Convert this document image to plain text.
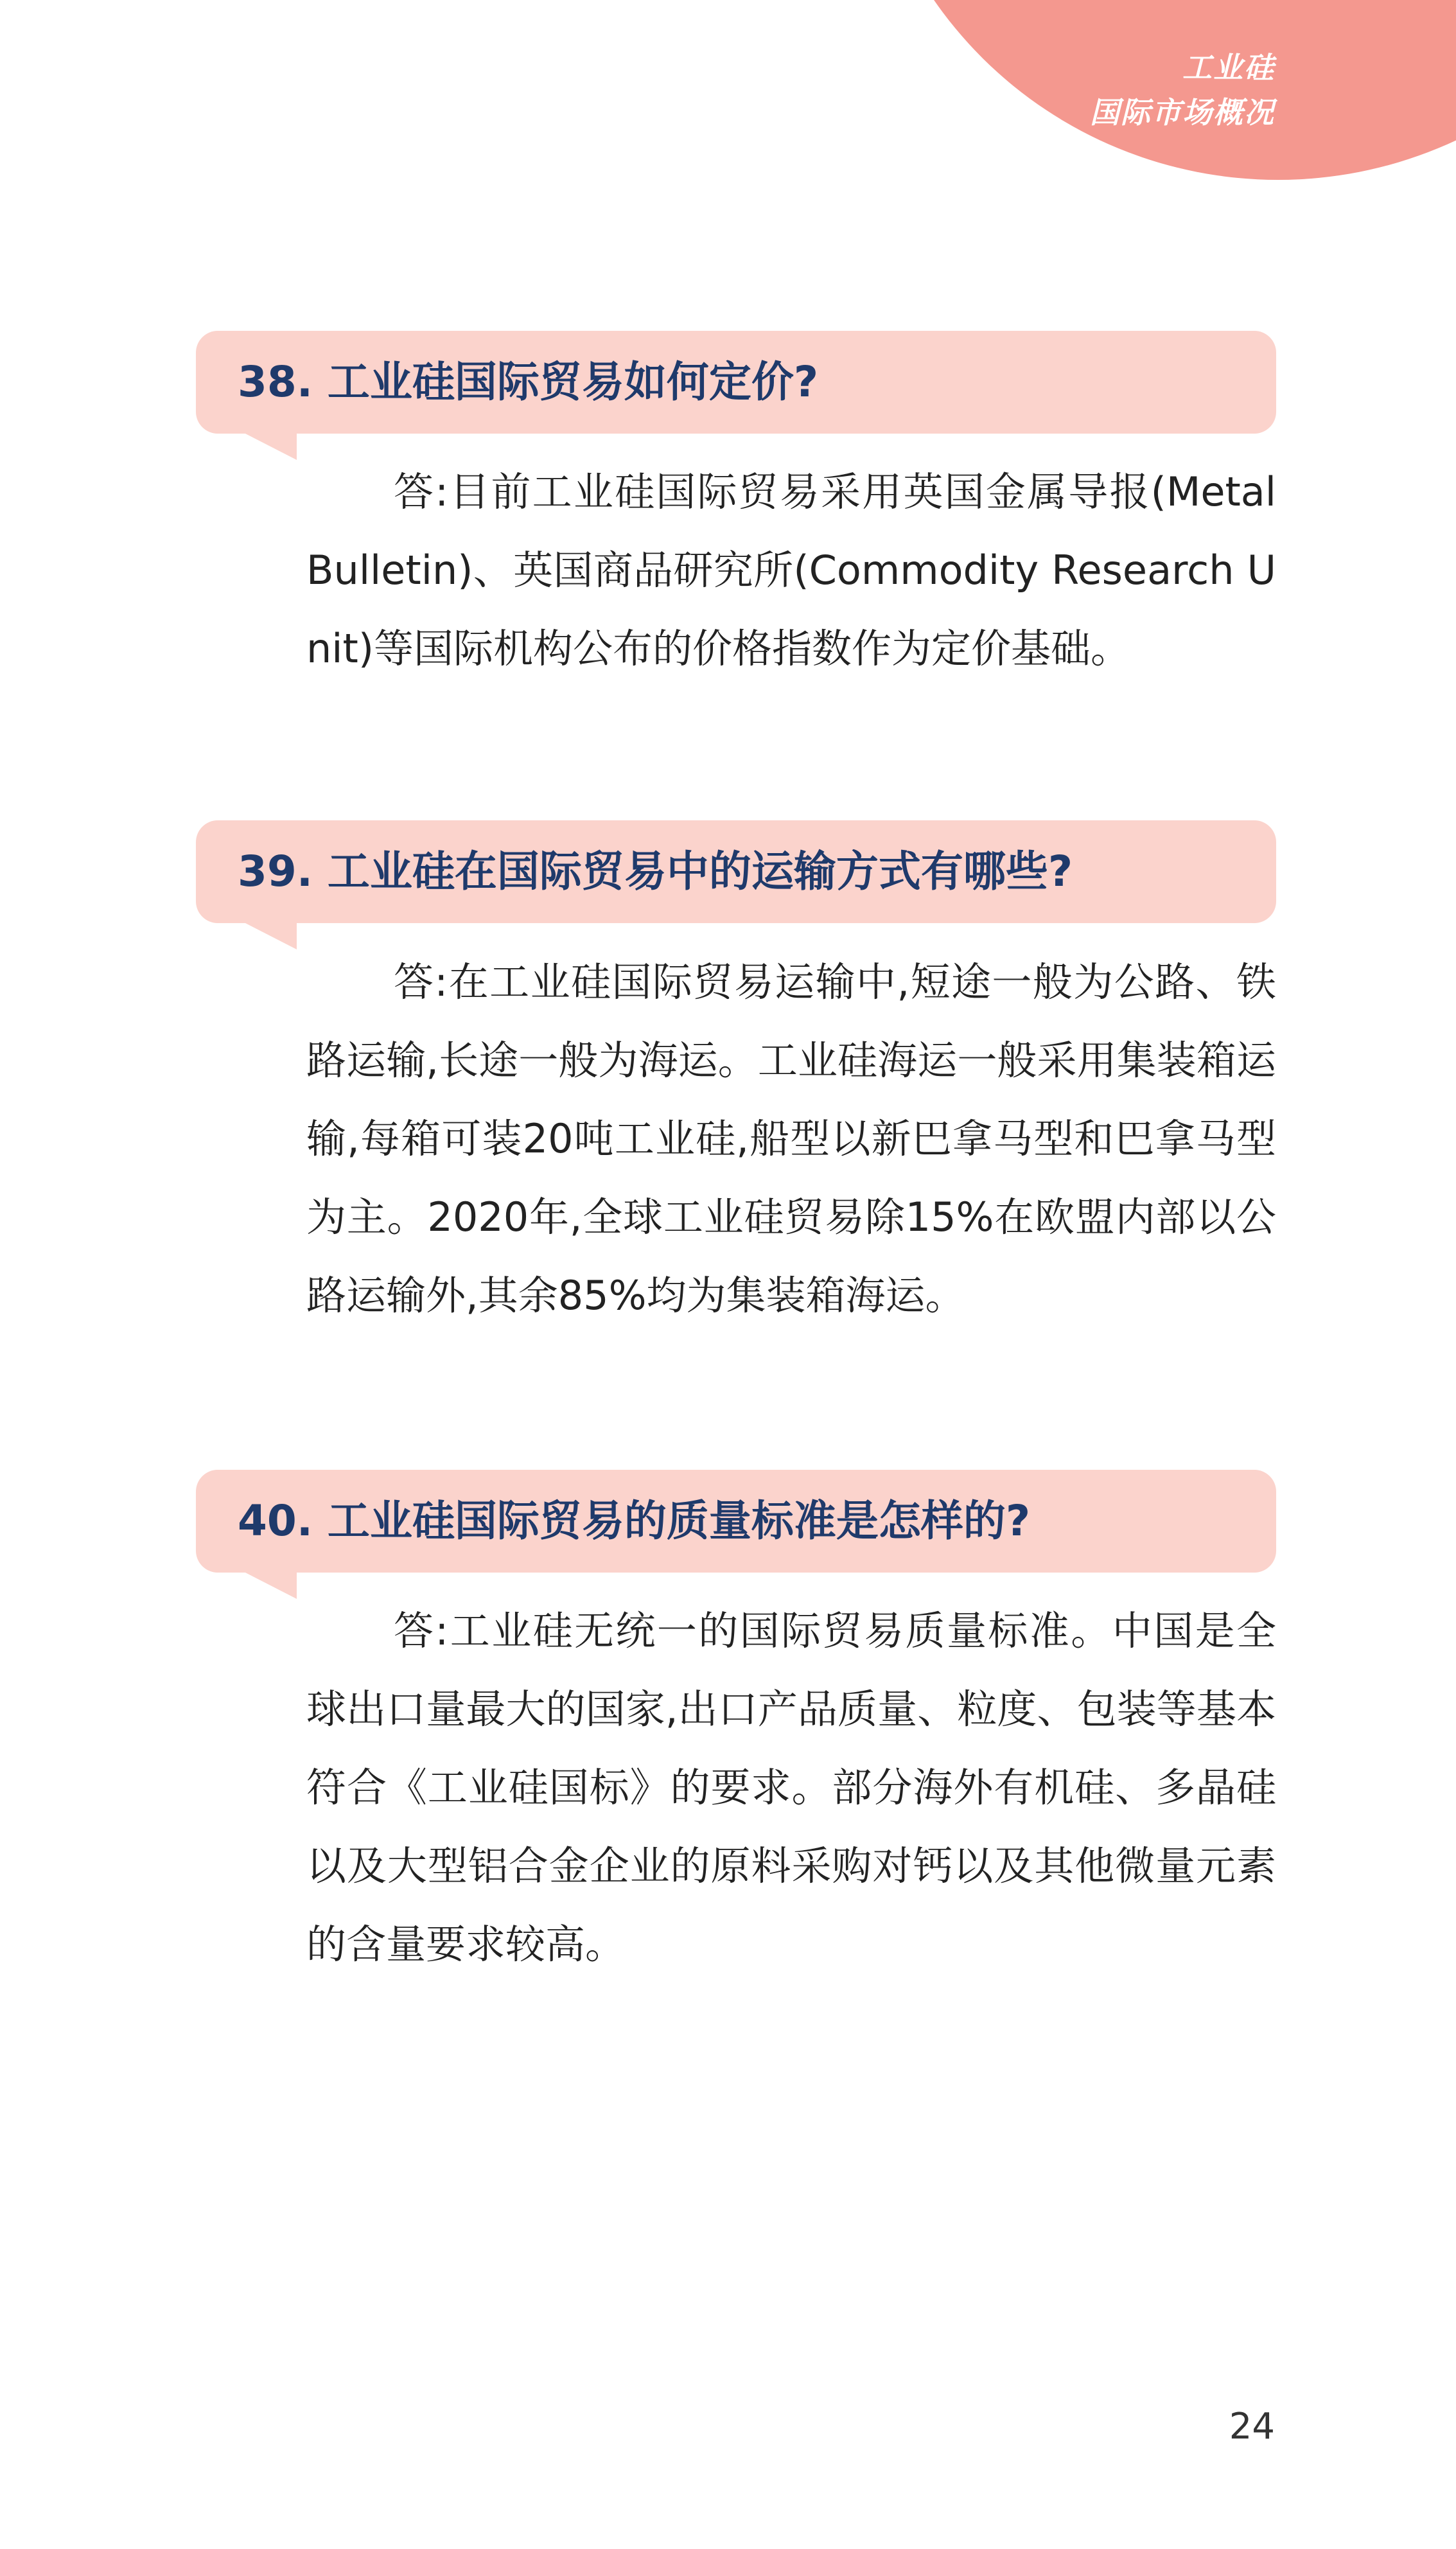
工业硅
国际市场概况
38. 工业硅国际贸易如何定价?

答:目前工业硅国际贸易采用英国金属导报(Metal Bulletin)、英国商品研究所(Commodity Research Unit)等国际机构公布的价格指数作为定价基础。

39. 工业硅在国际贸易中的运输方式有哪些?

答:在工业硅国际贸易运输中,短途一般为公路、铁路运输,长途一般为海运。工业硅海运一般采用集装箱运输,每箱可装20吨工业硅,船型以新巴拿马型和巴拿马型为主。2020年,全球工业硅贸易除15%在欧盟内部以公路运输外,其余85%均为集装箱海运。

40. 工业硅国际贸易的质量标准是怎样的?

答:工业硅无统一的国际贸易质量标准。中国是全球出口量最大的国家,出口产品质量、粒度、包装等基本符合《工业硅国标》的要求。部分海外有机硅、多晶硅以及大型铝合金企业的原料采购对钙以及其他微量元素的含量要求较高。

24
